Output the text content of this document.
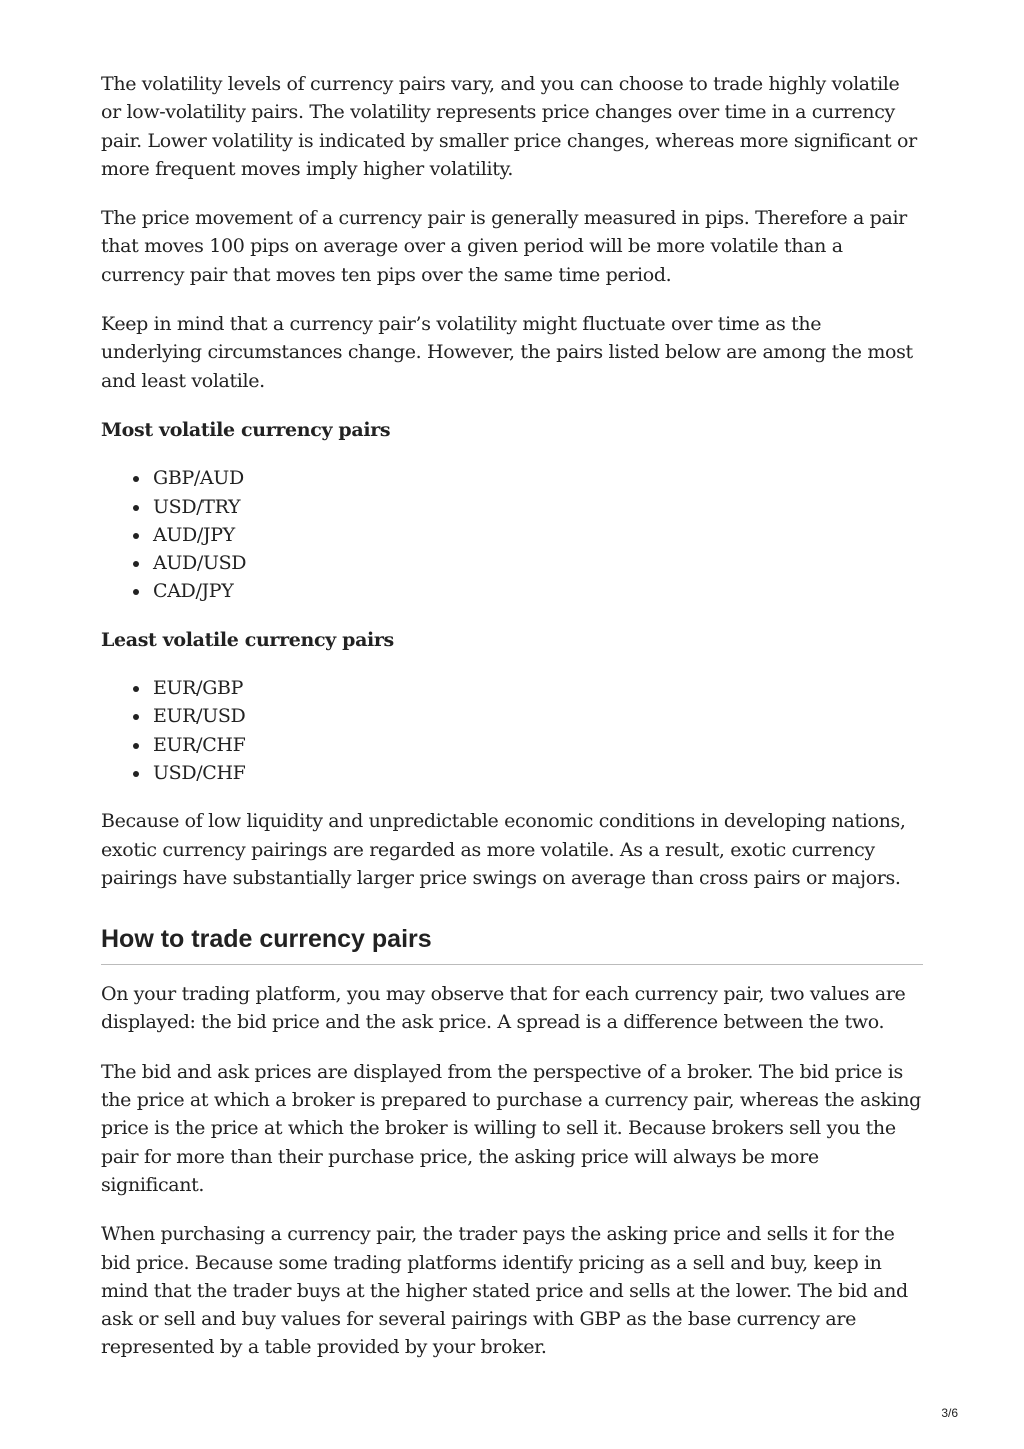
The volatility levels of currency pairs vary, and you can choose to trade highly volatile or low-volatility pairs. The volatility represents price changes over time in a currency pair. Lower volatility is indicated by smaller price changes, whereas more significant or more frequent moves imply higher volatility.

The price movement of a currency pair is generally measured in pips. Therefore a pair that moves 100 pips on average over a given period will be more volatile than a currency pair that moves ten pips over the same time period.

Keep in mind that a currency pair’s volatility might fluctuate over time as the underlying circumstances change. However, the pairs listed below are among the most and least volatile.

Most volatile currency pairs

GBP/AUD
USD/TRY
AUD/JPY
AUD/USD
CAD/JPY

Least volatile currency pairs

EUR/GBP
EUR/USD
EUR/CHF
USD/CHF

Because of low liquidity and unpredictable economic conditions in developing nations, exotic currency pairings are regarded as more volatile. As a result, exotic currency pairings have substantially larger price swings on average than cross pairs or majors.

How to trade currency pairs

On your trading platform, you may observe that for each currency pair, two values are displayed: the bid price and the ask price. A spread is a difference between the two.

The bid and ask prices are displayed from the perspective of a broker. The bid price is the price at which a broker is prepared to purchase a currency pair, whereas the asking price is the price at which the broker is willing to sell it. Because brokers sell you the pair for more than their purchase price, the asking price will always be more significant.

When purchasing a currency pair, the trader pays the asking price and sells it for the bid price. Because some trading platforms identify pricing as a sell and buy, keep in mind that the trader buys at the higher stated price and sells at the lower. The bid and ask or sell and buy values for several pairings with GBP as the base currency are represented by a table provided by your broker.

3/6
